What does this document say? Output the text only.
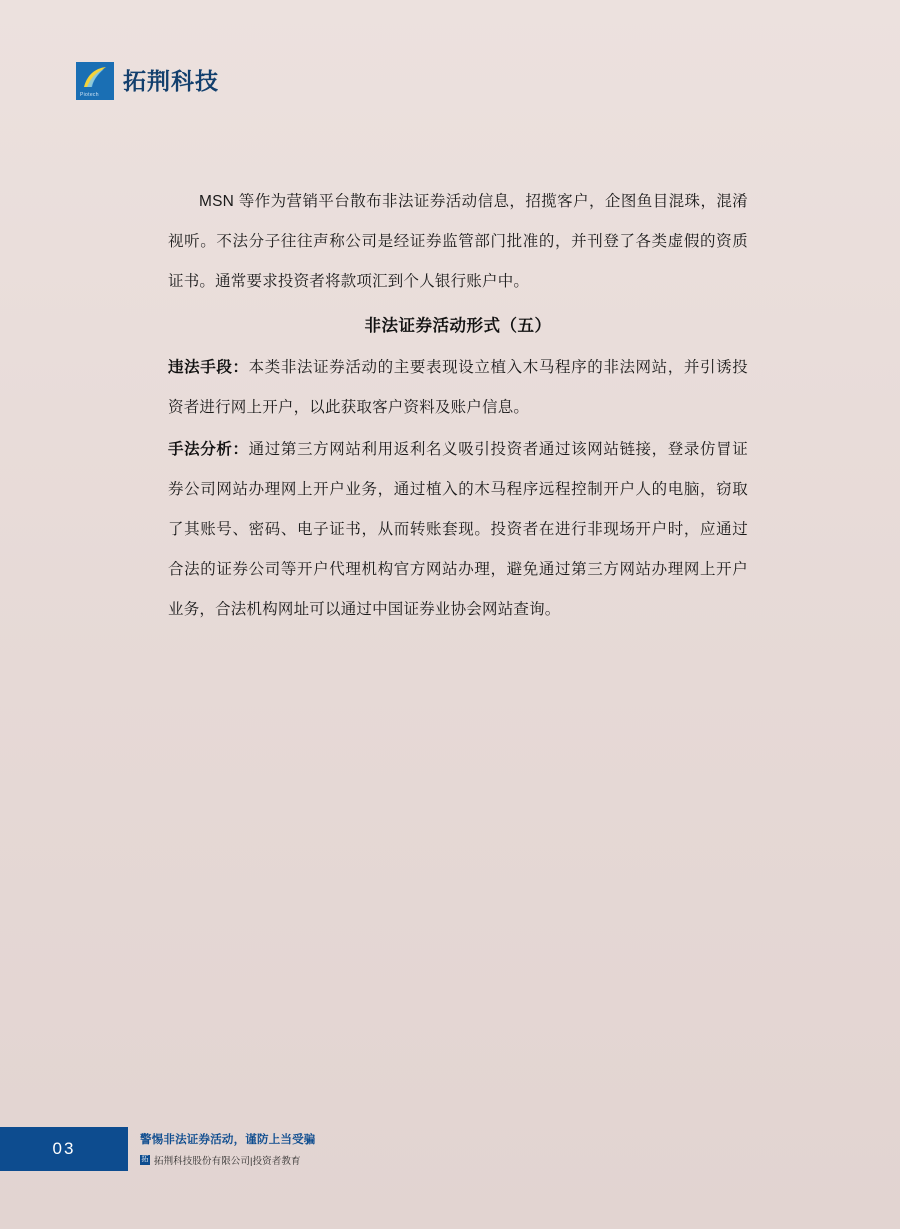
Piotech
拓荆科技

MSN 等作为营销平台散布非法证券活动信息，招揽客户，企图鱼目混珠，混淆视听。不法分子往往声称公司是经证券监管部门批准的，并刊登了各类虚假的资质证书。通常要求投资者将款项汇到个人银行账户中。

非法证券活动形式（五）

违法手段：本类非法证券活动的主要表现设立植入木马程序的非法网站，并引诱投资者进行网上开户，以此获取客户资料及账户信息。

手法分析：通过第三方网站利用返利名义吸引投资者通过该网站链接，登录仿冒证券公司网站办理网上开户业务，通过植入的木马程序远程控制开户人的电脑，窃取了其账号、密码、电子证书，从而转账套现。投资者在进行非现场开户时，应通过合法的证券公司等开户代理机构官方网站办理，避免通过第三方网站办理网上开户业务，合法机构网址可以通过中国证券业协会网站查询。

03	警惕非法证券活动，谨防上当受骗
拓 拓荆科技股份有限公司|投资者教育
